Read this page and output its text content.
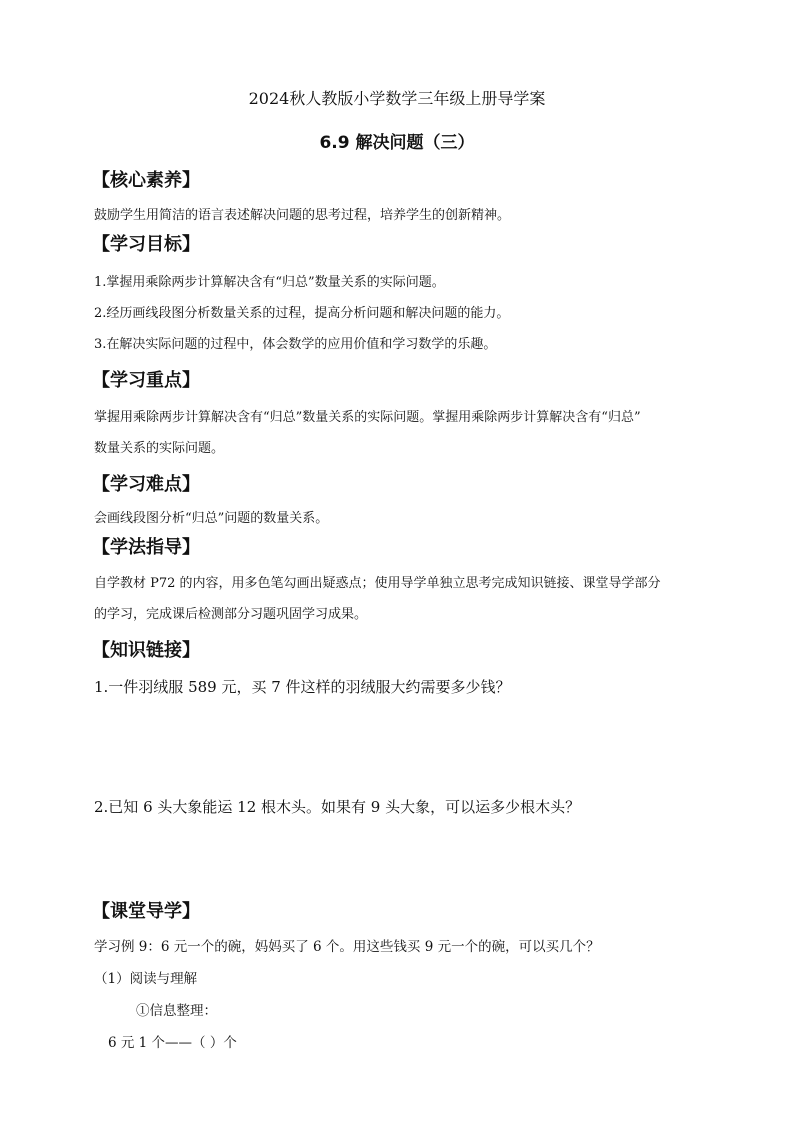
2024秋人教版小学数学三年级上册导学案
6.9 解决问题（三）
【核心素养】
鼓励学生用简洁的语言表述解决问题的思考过程，培养学生的创新精神。
【学习目标】
1.掌握用乘除两步计算解决含有“归总”数量关系的实际问题。
2.经历画线段图分析数量关系的过程，提高分析问题和解决问题的能力。
3.在解决实际问题的过程中，体会数学的应用价值和学习数学的乐趣。
【学习重点】
掌握用乘除两步计算解决含有“归总”数量关系的实际问题。掌握用乘除两步计算解决含有“归总”
数量关系的实际问题。
【学习难点】
会画线段图分析“归总”问题的数量关系。
【学法指导】
自学教材 P72 的内容，用多色笔勾画出疑惑点；使用导学单独立思考完成知识链接、课堂导学部分
的学习，完成课后检测部分习题巩固学习成果。
【知识链接】
1.一件羽绒服 589 元，买 7 件这样的羽绒服大约需要多少钱？
2.已知 6 头大象能运 12 根木头。如果有 9 头大象，可以运多少根木头？
【课堂导学】
学习例 9：6 元一个的碗，妈妈买了 6 个。用这些钱买 9 元一个的碗，可以买几个？
（1）阅读与理解
①信息整理：
6 元 1 个——（ ）个
